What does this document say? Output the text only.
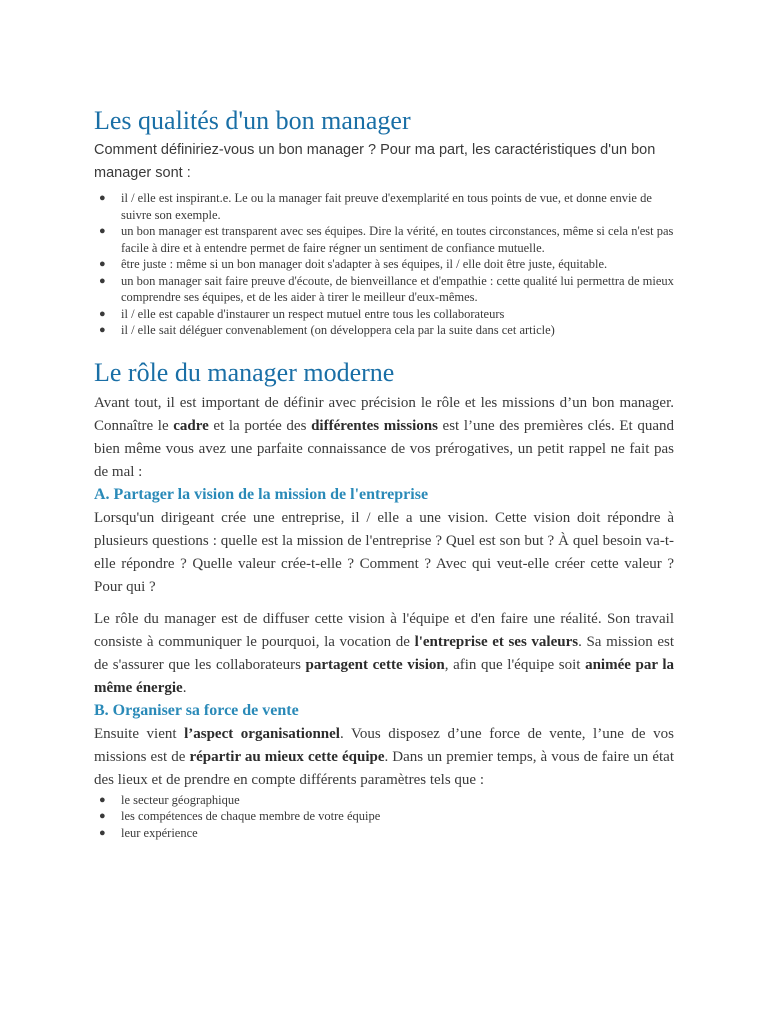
Les qualités d'un bon manager

Comment définiriez-vous un bon manager ? Pour ma part, les caractéristiques d'un bon manager sont :

● il / elle est inspirant.e. Le ou la manager fait preuve d'exemplarité en tous points de vue, et donne envie de suivre son exemple.
● un bon manager est transparent avec ses équipes. Dire la vérité, en toutes circonstances, même si cela n'est pas facile à dire et à entendre permet de faire régner un sentiment de confiance mutuelle.
● être juste : même si un bon manager doit s'adapter à ses équipes, il / elle doit être juste, équitable.
● un bon manager sait faire preuve d'écoute, de bienveillance et d'empathie : cette qualité lui permettra de mieux comprendre ses équipes, et de les aider à tirer le meilleur d'eux-mêmes.
● il / elle est capable d'instaurer un respect mutuel entre tous les collaborateurs
● il / elle sait déléguer convenablement (on développera cela par la suite dans cet article)
Le rôle du manager moderne

Avant tout, il est important de définir avec précision le rôle et les missions d’un bon manager. Connaître le cadre et la portée des différentes missions est l’une des premières clés. Et quand bien même vous avez une parfaite connaissance de vos prérogatives, un petit rappel ne fait pas de mal :

A. Partager la vision de la mission de l'entreprise

Lorsqu'un dirigeant crée une entreprise, il / elle a une vision. Cette vision doit répondre à plusieurs questions : quelle est la mission de l'entreprise ? Quel est son but ? À quel besoin va-t-elle répondre ? Quelle valeur crée-t-elle ? Comment ? Avec qui veut-elle créer cette valeur ? Pour qui ?

Le rôle du manager est de diffuser cette vision à l'équipe et d'en faire une réalité. Son travail consiste à communiquer le pourquoi, la vocation de l'entreprise et ses valeurs. Sa mission est de s'assurer que les collaborateurs partagent cette vision, afin que l'équipe soit animée par la même énergie.

B. Organiser sa force de vente

Ensuite vient l’aspect organisationnel. Vous disposez d’une force de vente, l’une de vos missions est de répartir au mieux cette équipe. Dans un premier temps, à vous de faire un état des lieux et de prendre en compte différents paramètres tels que :

● le secteur géographique
● les compétences de chaque membre de votre équipe
● leur expérience
